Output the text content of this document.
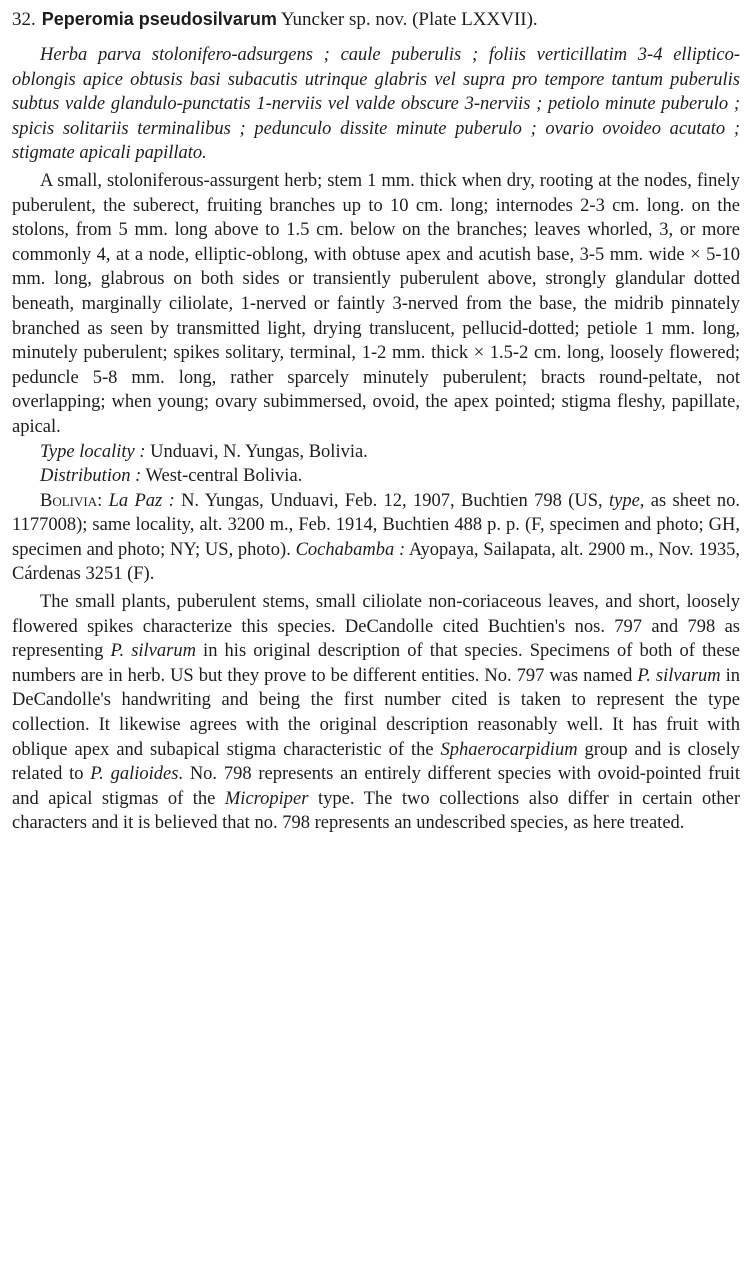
32. Peperomia pseudosilvarum Yuncker sp. nov. (Plate LXXVII).

Herba parva stolonifero-adsurgens ; caule puberulis ; foliis verticillatim 3-4 elliptico-oblongis apice obtusis basi subacutis utrinque glabris vel supra pro tempore tantum puberulis subtus valde glandulo-punctatis 1-nerviis vel valde obscure 3-nerviis ; petiolo minute puberulo ; spicis solitariis terminalibus ; pedunculo dissite minute puberulo ; ovario ovoideo acutato ; stigmate apicali papillato.

A small, stoloniferous-assurgent herb; stem 1 mm. thick when dry, rooting at the nodes, finely puberulent, the suberect, fruiting branches up to 10 cm. long; internodes 2-3 cm. long. on the stolons, from 5 mm. long above to 1.5 cm. below on the branches; leaves whorled, 3, or more commonly 4, at a node, elliptic-oblong, with obtuse apex and acutish base, 3-5 mm. wide × 5-10 mm. long, glabrous on both sides or transiently puberulent above, strongly glandular dotted beneath, marginally ciliolate, 1-nerved or faintly 3-nerved from the base, the midrib pinnately branched as seen by transmitted light, drying translucent, pellucid-dotted; petiole 1 mm. long, minutely puberulent; spikes solitary, terminal, 1-2 mm. thick × 1.5-2 cm. long, loosely flowered; peduncle 5-8 mm. long, rather sparcely minutely puberulent; bracts round-peltate, not overlapping; when young; ovary subimmersed, ovoid, the apex pointed; stigma fleshy, papillate, apical.

Type locality : Unduavi, N. Yungas, Bolivia.

Distribution : West-central Bolivia.

Bolivia: La Paz : N. Yungas, Unduavi, Feb. 12, 1907, Buchtien 798 (US, type, as sheet no. 1177008); same locality, alt. 3200 m., Feb. 1914, Buchtien 488 p. p. (F, specimen and photo; GH, specimen and photo; NY; US, photo). Cochabamba : Ayopaya, Sailapata, alt. 2900 m., Nov. 1935, Cárdenas 3251 (F).

The small plants, puberulent stems, small ciliolate non-coriaceous leaves, and short, loosely flowered spikes characterize this species. DeCandolle cited Buchtien's nos. 797 and 798 as representing P. silvarum in his original description of that species. Specimens of both of these numbers are in herb. US but they prove to be different entities. No. 797 was named P. silvarum in DeCandolle's handwriting and being the first number cited is taken to represent the type collection. It likewise agrees with the original description reasonably well. It has fruit with oblique apex and subapical stigma characteristic of the Sphaerocarpidium group and is closely related to P. galioides. No. 798 represents an entirely different species with ovoid-pointed fruit and apical stigmas of the Micropiper type. The two collections also differ in certain other characters and it is believed that no. 798 represents an undescribed species, as here treated.
